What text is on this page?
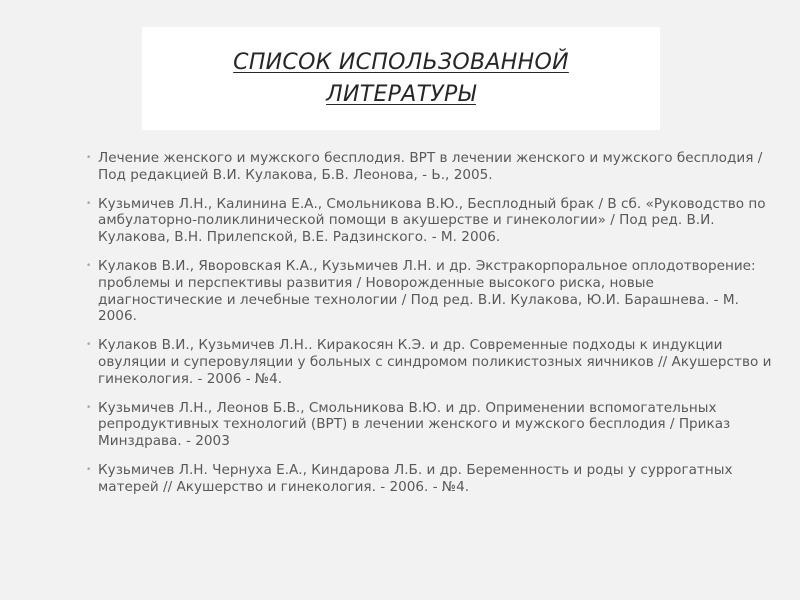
СПИСОК ИСПОЛЬЗОВАННОЙ ЛИТЕРАТУРЫ
• Лечение женского и мужского бесплодия. ВРТ в лечении женского и мужского бесплодия / Под редакцией В.И. Кулакова, Б.В. Леонова, - Ь., 2005.
• Кузьмичев Л.Н., Калинина Е.А., Смольникова В.Ю., Бесплодный брак / В сб. «Руководство по амбулаторно-поликлинической помощи в акушерстве и гинекологии» / Под ред. В.И. Кулакова, В.Н. Прилепской, В.Е. Радзинского. - М. 2006.
• Кулаков В.И., Яворовская К.А., Кузьмичев Л.Н. и др. Экстракорпоральное оплодотворение: проблемы и перспективы развития / Новорожденные высокого риска, новые диагностические и лечебные технологии / Под ред. В.И. Кулакова, Ю.И. Барашнева. - М. 2006.
• Кулаков В.И., Кузьмичев Л.Н.. Киракосян К.Э. и др. Современные подходы к индукции овуляции и суперовуляции у больных с синдромом поликистозных яичников // Акушерство и гинекология. - 2006 - №4.
• Кузьмичев Л.Н., Леонов Б.В., Смольникова В.Ю. и др. Оприменении вспомогательных репродуктивных технологий (ВРТ) в лечении женского и мужского бесплодия / Приказ Минздрава. - 2003
• Кузьмичев Л.Н. Чернуха Е.А., Киндарова Л.Б. и др. Беременность и роды у суррогатных матерей // Акушерство и гинекология. - 2006. - №4.
